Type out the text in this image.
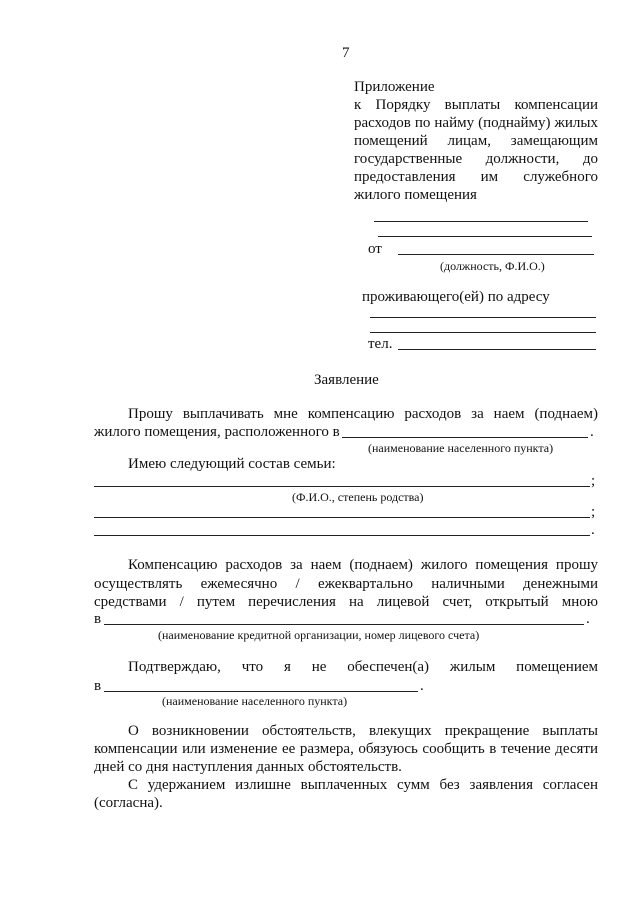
7
Приложение
к Порядку выплаты компенсации
расходов по найму (поднайму) жилых
помещений лицам, замещающим
государственные должности, до
предоставления им служебного
жилого помещения
от
(должность, Ф.И.О.)
проживающего(ей) по адресу
тел.
Заявление
Прошу выплачивать мне компенсацию расходов за наем (поднаем)
жилого помещения, расположенного в	.
(наименование населенного пункта)
Имею следующий состав семьи:
;
(Ф.И.О., степень родства)
;
.
Компенсацию расходов за наем (поднаем) жилого помещения прошу
осуществлять ежемесячно / ежеквартально наличными денежными
средствами / путем перечисления на лицевой счет, открытый мною
в	.
(наименование кредитной организации, номер лицевого счета)
Подтверждаю, что я не обеспечен(а) жилым помещением
в	.
(наименование населенного пункта)
О возникновении обстоятельств, влекущих прекращение выплаты
компенсации или изменение ее размера, обязуюсь сообщить в течение десяти
дней со дня наступления данных обстоятельств.
С удержанием излишне выплаченных сумм без заявления согласен
(согласна).
